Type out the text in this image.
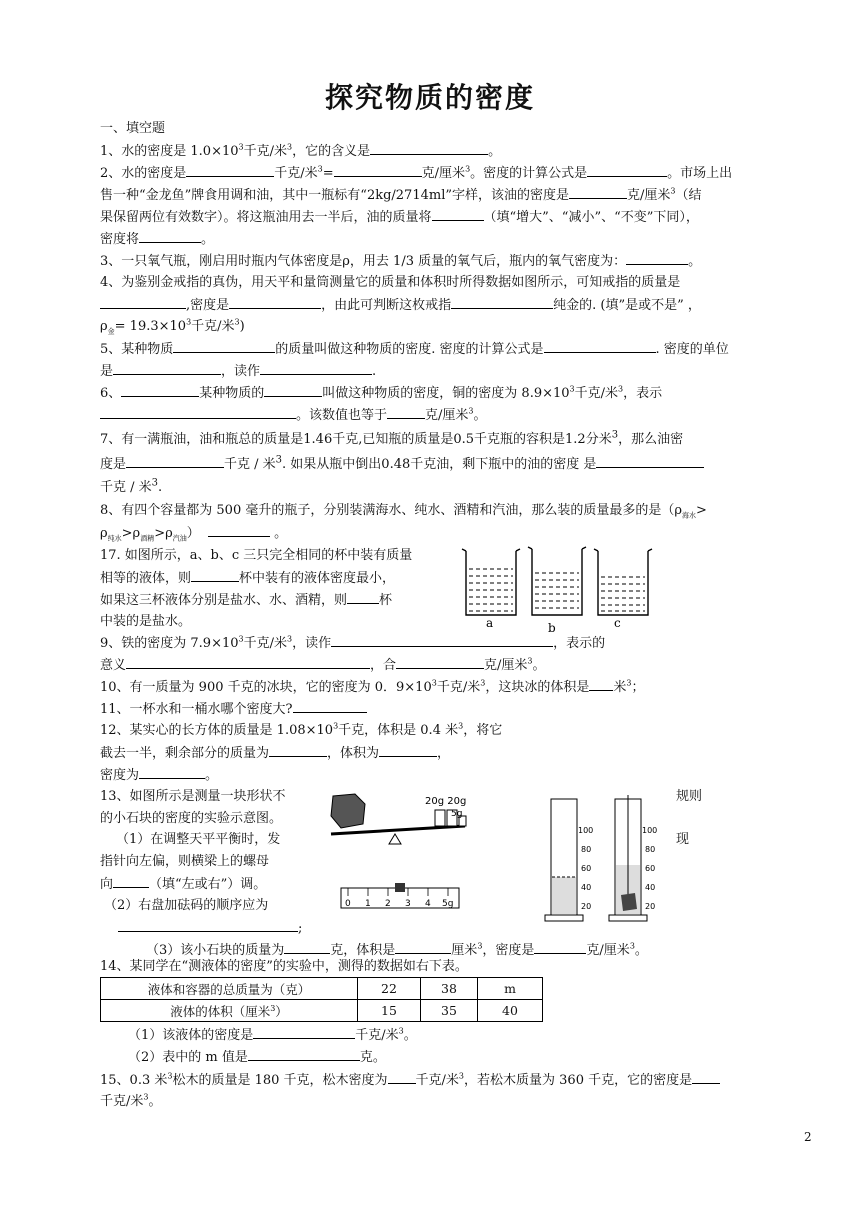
探究物质的密度
一、填空题
1、水的密度是 $1.0\times 10^3$千克/米$^3$，它的含义是	。
2、水的密度是	千克/米$^3$=	克/厘米$^3$。密度的计算公式是	。市场上出
售一种“金龙鱼”牌食用调和油，其中一瓶标有“2kg/2714ml”字样，该油的密度是	克/厘米$^3$（结
果保留两位有效数字）。将这瓶油用去一半后，油的质量将	（填“增大”、“减小”、“不变”下同），
密度将	。
3、一只氧气瓶，刚启用时瓶内气体密度是ρ，用去 1/3 质量的氧气后，瓶内的氧气密度为：	。
4、为鉴别金戒指的真伪，用天平和量筒测量它的质量和体积时所得数据如图所示，可知戒指的质量是
,密度是	，由此可判断这枚戒指	纯金的. (填”是或不是” ，
$\rho_金= 19.3\times 10^3$千克/米$^3$)
5、某种物质	的质量叫做这种物质的密度. 密度的计算公式是	. 密度的单位
是	，读作	.
6、	某种物质的	叫做这种物质的密度，铜的密度为 $8.9\times 10^3$千克/米$^3$，表示
。该数值也等于	克/厘米$^3$。
7、有一满瓶油，油和瓶总的质量是1.46千克,已知瓶的质量是0.5千克瓶的容积是1.2分米$^3$，那么油密
度是	千克 / 米$^3$. 如果从瓶中倒出0.48千克油，剩下瓶中的油的密度 是
千克 / 米$^3$.
8、有四个容量都为 500 毫升的瓶子，分别装满海水、纯水、酒精和汽油，那么装的质量最多的是（$\rho_{海水}>$
$\rho_{纯水}>\rho_{酒精}>\rho_{汽油}$）	。
17. 如图所示，a、b、c 三只完全相同的杯中装有质量
相等的液体，则	杯中装有的液体密度最小，
如果这三杯液体分别是盐水、水、酒精，则 杯
中装的是盐水。	a	b	c
9、铁的密度为 $7.9\times 10^3$千克/米$^3$，读作	，表示的
意义	，合	克/厘米$^3$。
10、有一质量为 900 千克的冰块，它的密度为 0．$9\times 10^3$千克/米$^3$，这块冰的体积是 米$^3$；
11、一杯水和一桶水哪个密度大?
12、某实心的长方体的质量是 $1.08\times 10^3$千克，体积是 0.4 米$^3$，将它
截去一半，剩余部分的质量为	，体积为	，
密度为	。
13、如图所示是测量一块形状不	规则
的小石块的密度的实验示意图。
现
（1）在调整天平平衡时，发
指针向左偏，则横梁上的螺母
向	（填“左或右”）调。
（2）右盘加砝码的顺序应为
;
（3）该小石块的质量为	克，体积是	厘米$^3$，密度是	克/厘米$^3$。
20g 20g
5g
0 1 2 3 4 5g
100
80
60
40
20
100
80
60
40
20
14、某同学在“测液体的密度”的实验中，测得的数据如右下表。
液体和容器的总质量为（克）	22	38	m
液体的体积（厘米$^3$）	15	35	40
（1）该液体的密度是	千克/米$^3$。
（2）表中的 m 值是	克。
15、0.3 米$^3$松木的质量是 180 千克，松木密度为 千克/米$^3$，若松木质量为 360 千克，它的密度是
千克/米$^3$。
2
